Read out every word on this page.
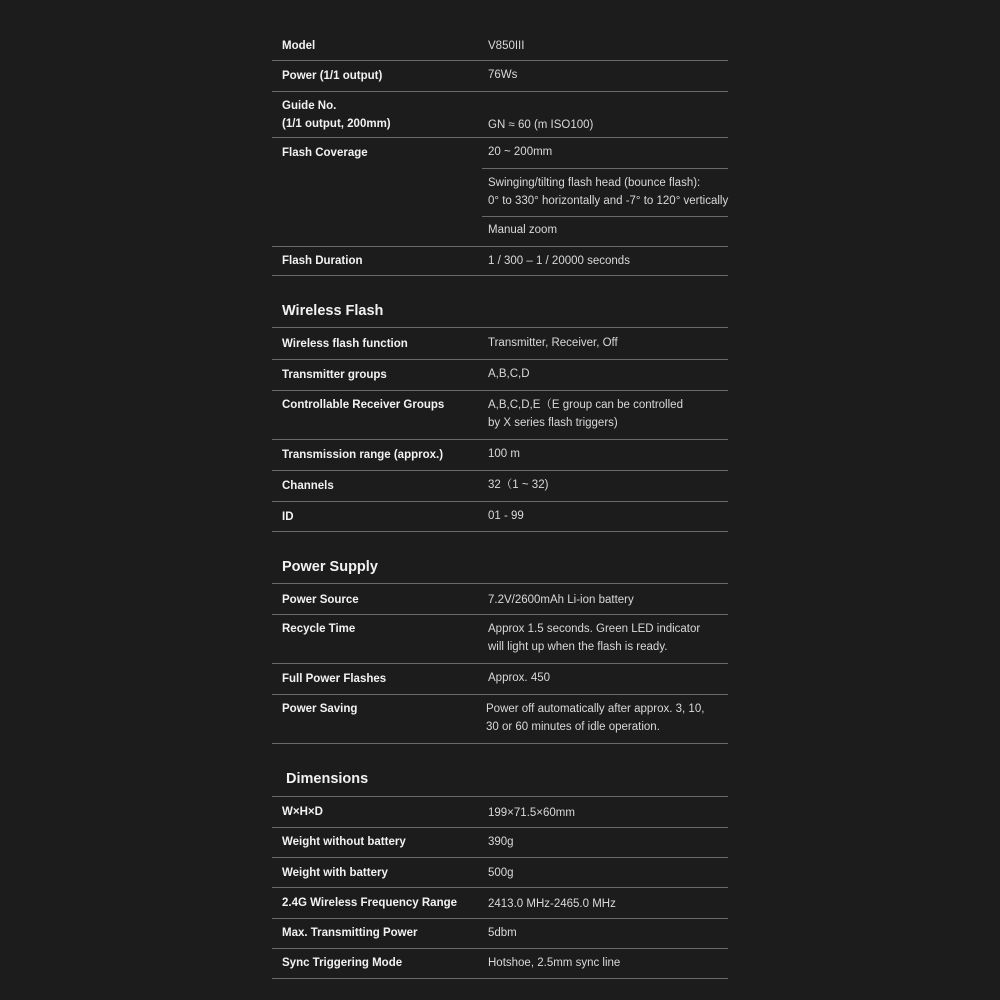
Model	V850III
Power (1/1 output)	76Ws
Guide No.
(1/1 output, 200mm)	GN ≈ 60 (m ISO100)
Flash Coverage	20 ~ 200mm
Swinging/tilting flash head (bounce flash):
0° to 330° horizontally and -7° to 120° vertically
Manual zoom
Flash Duration	1 / 300 – 1 / 20000 seconds
Wireless Flash
Wireless flash function	Transmitter, Receiver, Off
Transmitter groups	A,B,C,D
Controllable Receiver Groups	A,B,C,D,E（E group can be controlled
by X series flash triggers)
Transmission range (approx.)	100 m
Channels	32（1 ~ 32)
ID	01 - 99
Power Supply
Power Source	7.2V/2600mAh Li-ion battery
Recycle Time	Approx 1.5 seconds. Green LED indicator
will light up when the flash is ready.
Full Power Flashes	Approx. 450
Power Saving	Power off automatically after approx. 3, 10,
30 or 60 minutes of idle operation.
Dimensions
W×H×D	199×71.5×60mm
Weight without battery	390g
Weight with battery	500g
2.4G Wireless Frequency Range	2413.0 MHz-2465.0 MHz
Max. Transmitting Power	5dbm
Sync Triggering Mode	Hotshoe, 2.5mm sync line
